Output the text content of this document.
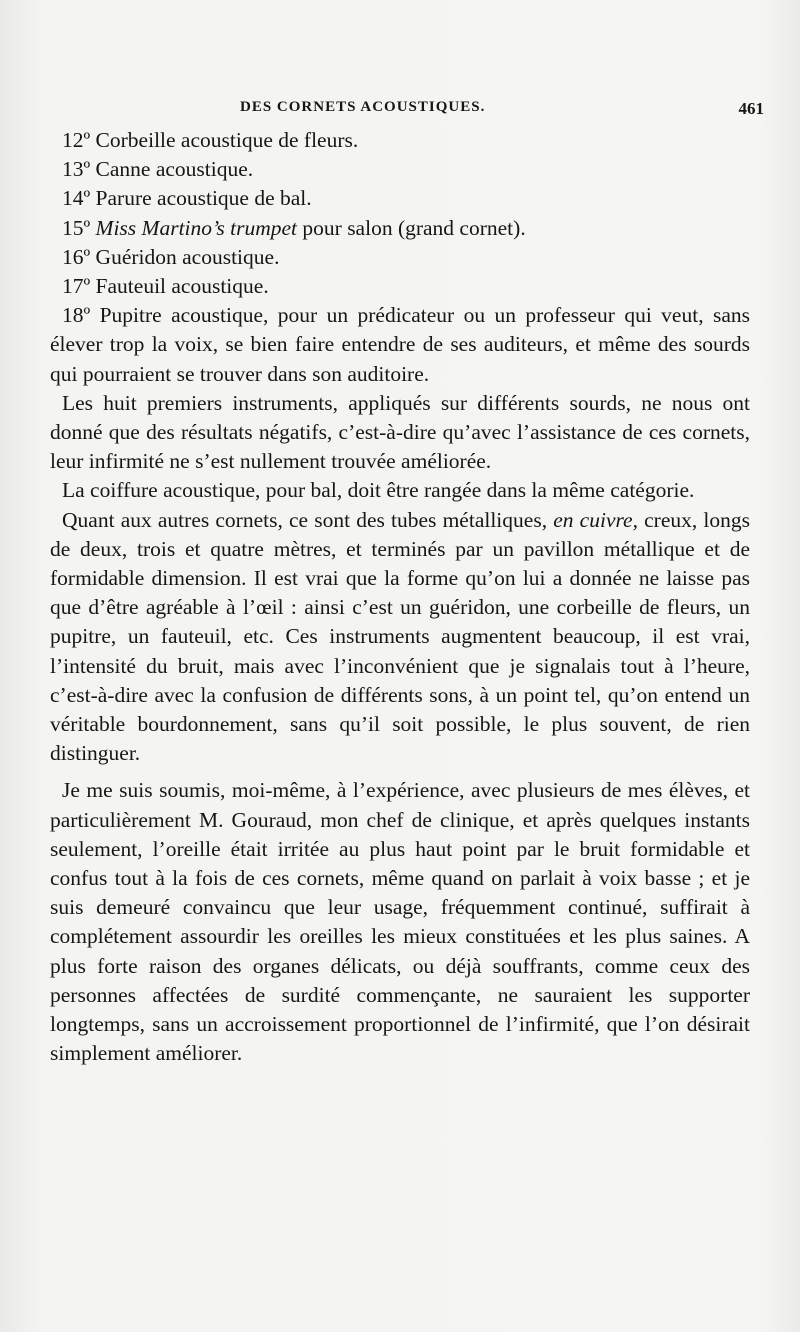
DES CORNETS ACOUSTIQUES.	461

12º Corbeille acoustique de fleurs.

13º Canne acoustique.

14º Parure acoustique de bal.

15º Miss Martino’s trumpet pour salon (grand cornet).

16º Guéridon acoustique.

17º Fauteuil acoustique.

18º Pupitre acoustique, pour un prédicateur ou un professeur qui veut, sans élever trop la voix, se bien faire entendre de ses auditeurs, et même des sourds qui pourraient se trouver dans son auditoire.

Les huit premiers instruments, appliqués sur différents sourds, ne nous ont donné que des résultats négatifs, c’est-à-dire qu’avec l’assistance de ces cornets, leur infirmité ne s’est nullement trouvée améliorée.

La coiffure acoustique, pour bal, doit être rangée dans la même catégorie.

Quant aux autres cornets, ce sont des tubes métalliques, en cuivre, creux, longs de deux, trois et quatre mètres, et terminés par un pavillon métallique et de formidable dimension. Il est vrai que la forme qu’on lui a donnée ne laisse pas que d’être agréable à l’œil : ainsi c’est un guéridon, une corbeille de fleurs, un pupitre, un fauteuil, etc. Ces instruments augmentent beaucoup, il est vrai, l’intensité du bruit, mais avec l’inconvénient que je signalais tout à l’heure, c’est-à-dire avec la confusion de différents sons, à un point tel, qu’on entend un véritable bourdonnement, sans qu’il soit possible, le plus souvent, de rien distinguer.

Je me suis soumis, moi-même, à l’expérience, avec plusieurs de mes élèves, et particulièrement M. Gouraud, mon chef de clinique, et après quelques instants seulement, l’oreille était irritée au plus haut point par le bruit formidable et confus tout à la fois de ces cornets, même quand on parlait à voix basse ; et je suis demeuré convaincu que leur usage, fréquemment continué, suffirait à complétement assourdir les oreilles les mieux constituées et les plus saines. A plus forte raison des organes délicats, ou déjà souffrants, comme ceux des personnes affectées de surdité commençante, ne sauraient les supporter longtemps, sans un accroissement proportionnel de l’infirmité, que l’on désirait simplement améliorer.
